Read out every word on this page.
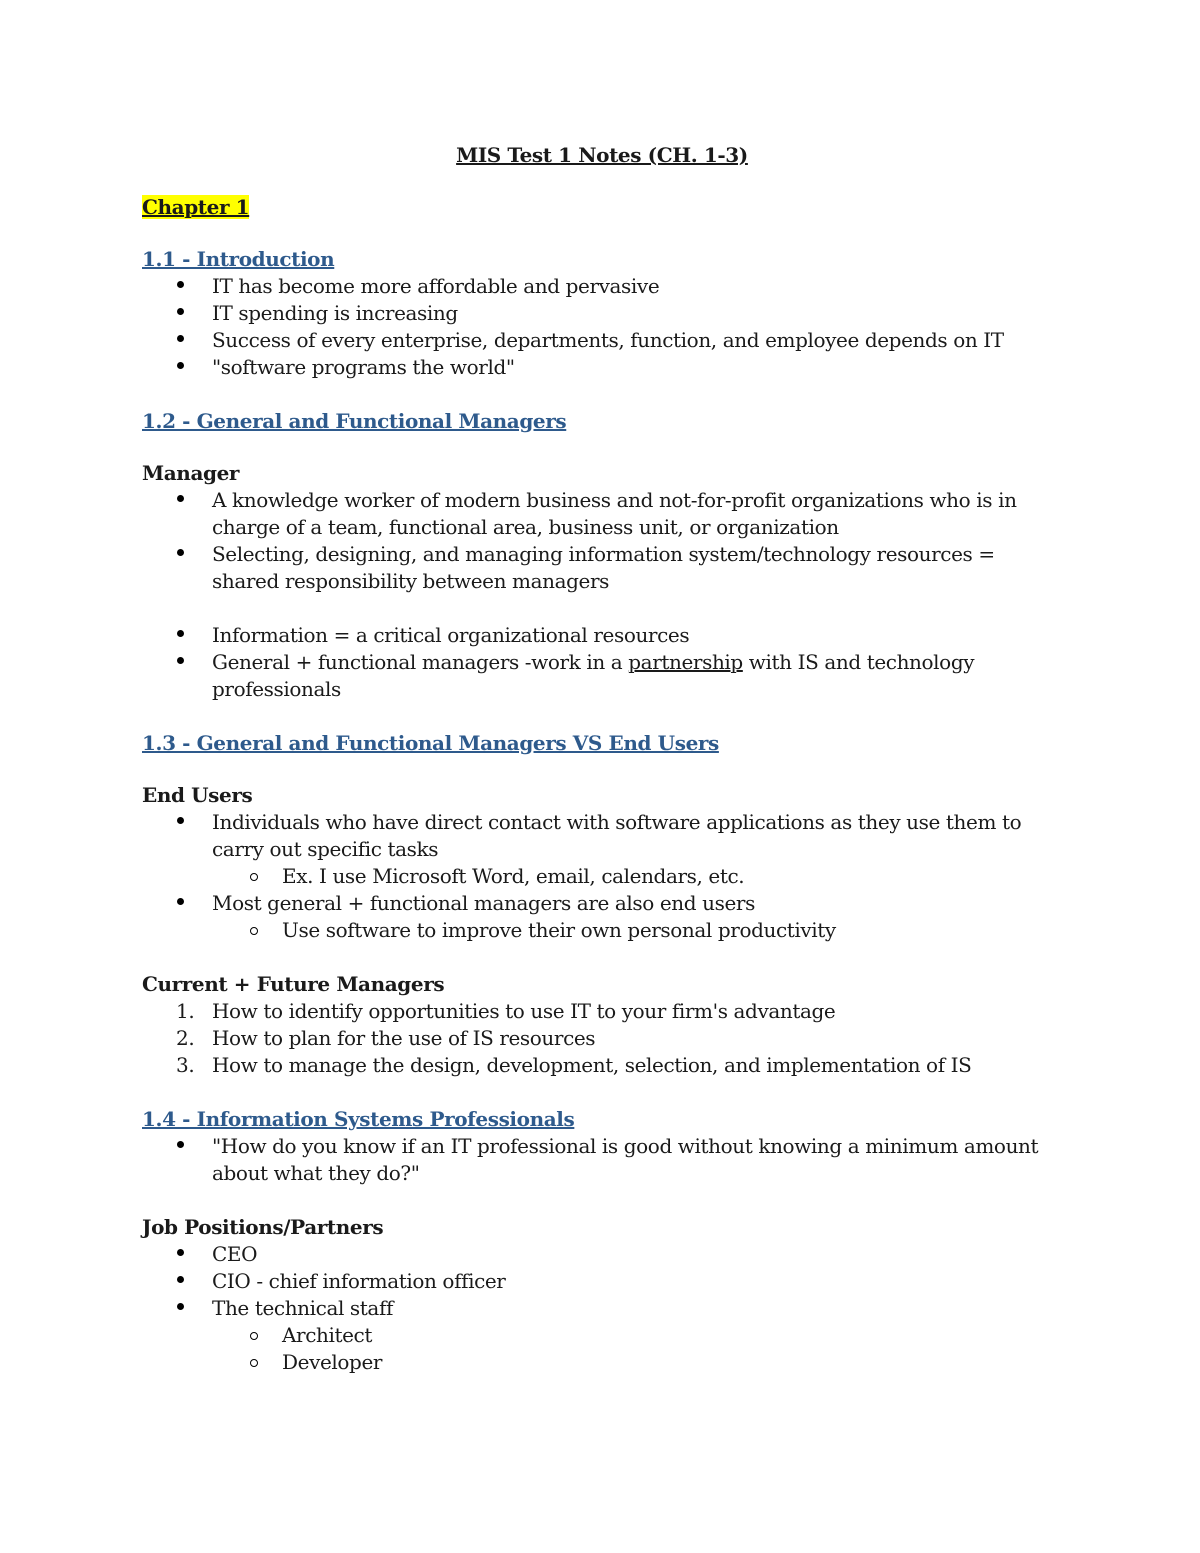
MIS Test 1 Notes (CH. 1-3)
Chapter 1
1.1 - Introduction
IT has become more affordable and pervasive
IT spending is increasing
Success of every enterprise, departments, function, and employee depends on IT
"software programs the world"
1.2 - General and Functional Managers
Manager
A knowledge worker of modern business and not-for-profit organizations who is in charge of a team, functional area, business unit, or organization
Selecting, designing, and managing information system/technology resources = shared responsibility between managers
Information = a critical organizational resources
General + functional managers -work in a partnership with IS and technology professionals
1.3 - General and Functional Managers VS End Users
End Users
Individuals who have direct contact with software applications as they use them to carry out specific tasks
Ex. I use Microsoft Word, email, calendars, etc.
Most general + functional managers are also end users
Use software to improve their own personal productivity
Current + Future Managers
1. How to identify opportunities to use IT to your firm's advantage
2. How to plan for the use of IS resources
3. How to manage the design, development, selection, and implementation of IS
1.4 - Information Systems Professionals
"How do you know if an IT professional is good without knowing a minimum amount about what they do?"
Job Positions/Partners
CEO
CIO - chief information officer
The technical staff
Architect
Developer
